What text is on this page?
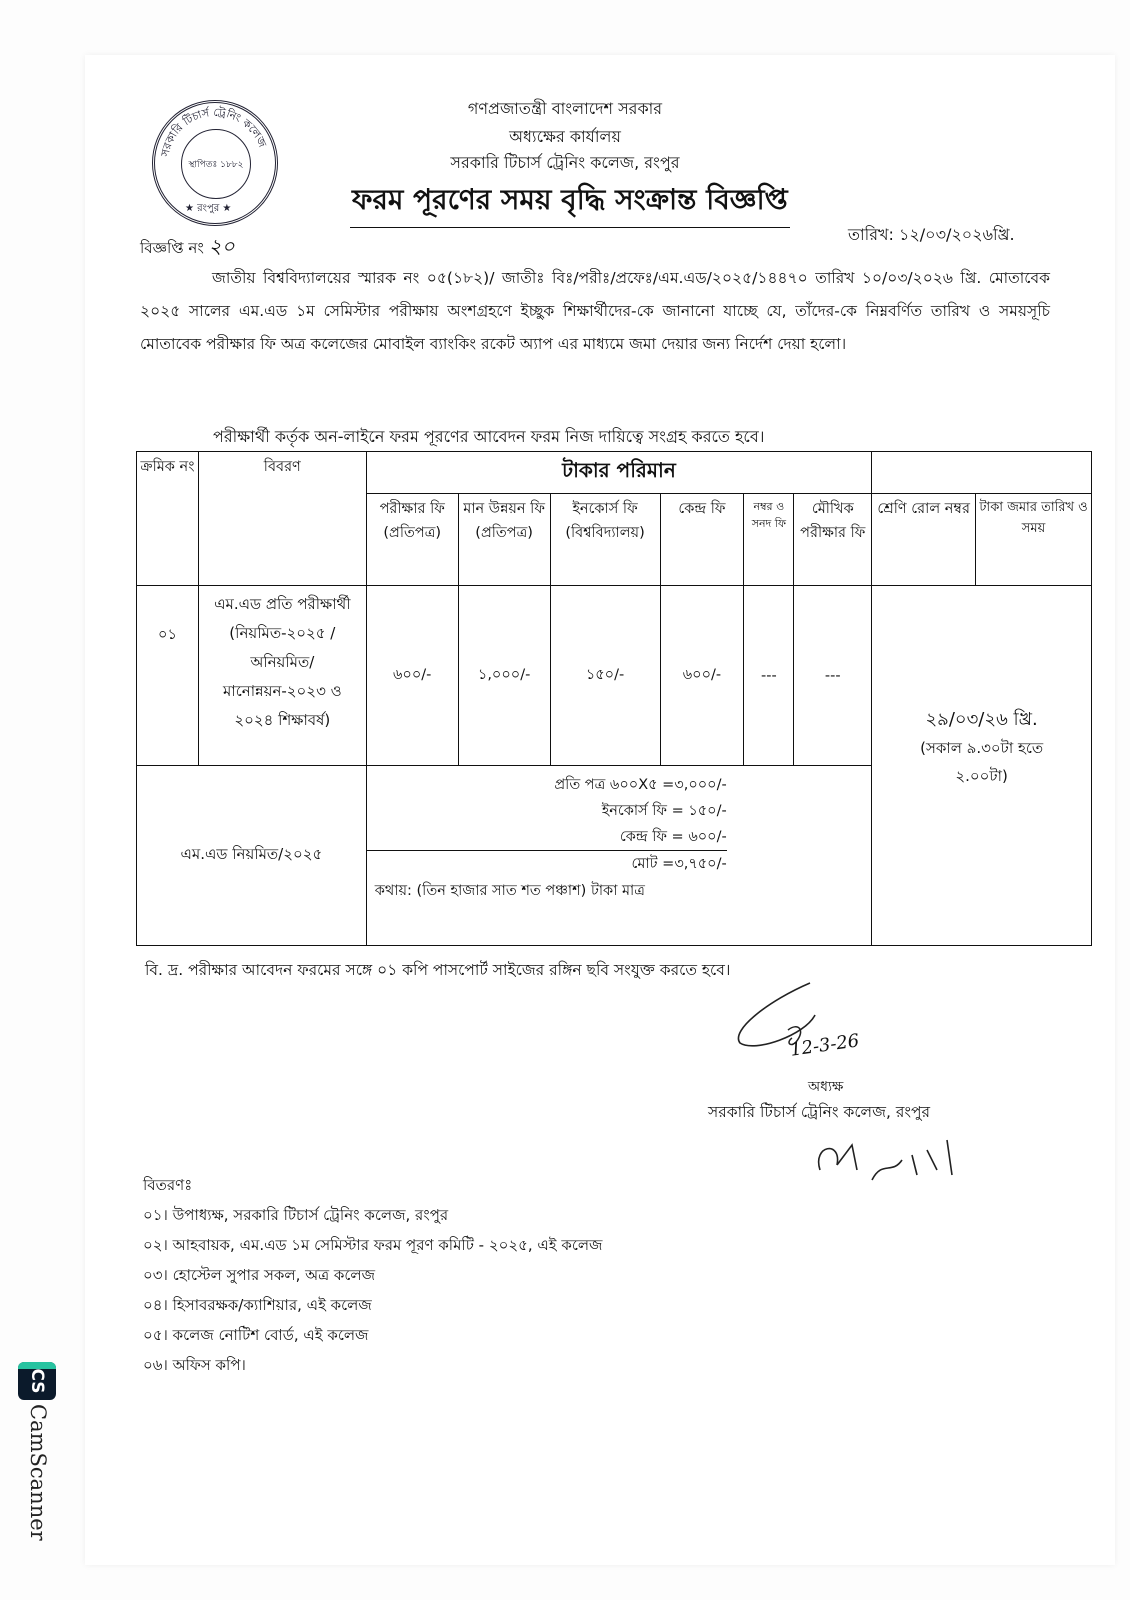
সরকারি টিচার্স ট্রেনিং কলেজ
স্থাপিতঃ ১৮৮২
★ রংপুর ★
গণপ্রজাতন্ত্রী বাংলাদেশ সরকার
অধ্যক্ষের কার্যালয়
সরকারি টিচার্স ট্রেনিং কলেজ, রংপুর
ফরম পূরণের সময় বৃদ্ধি সংক্রান্ত বিজ্ঞপ্তি
বিজ্ঞপ্তি নং ২০	তারিখ: ১২/০৩/২০২৬খ্রি.
জাতীয় বিশ্ববিদ্যালয়ের স্মারক নং ০৫(১৮২)/ জাতীঃ বিঃ/পরীঃ/প্রফেঃ/এম.এড/২০২৫/১৪৪৭০ তারিখ ১০/০৩/২০২৬ খ্রি. মোতাবেক ২০২৫ সালের এম.এড ১ম সেমিস্টার পরীক্ষায় অংশগ্রহণে ইচ্ছুক শিক্ষার্থীদের-কে জানানো যাচ্ছে যে, তাঁদের-কে নিম্নবর্ণিত তারিখ ও সময়সূচি মোতাবেক পরীক্ষার ফি অত্র কলেজের মোবাইল ব্যাংকিং রকেট অ্যাপ এর মাধ্যমে জমা দেয়ার জন্য নির্দেশ দেয়া হলো।
পরীক্ষার্থী কর্তৃক অন-লাইনে ফরম পূরণের আবেদন ফরম নিজ দায়িত্বে সংগ্রহ করতে হবে।
ক্রমিক নং	বিবরণ	টাকার পরিমান							
		পরীক্ষার ফি (প্রতিপত্র)	মান উন্নয়ন ফি (প্রতিপত্র)	ইনকোর্স ফি (বিশ্ববিদ্যালয়)	কেন্দ্র ফি	নম্বর ও সনদ ফি	মৌখিক পরীক্ষার ফি	শ্রেণি রোল নম্বর	টাকা জমার তারিখ ও সময়
০১	এম.এড প্রতি পরীক্ষার্থী (নিয়মিত-২০২৫ /অনিয়মিত/ মানোন্নয়ন-২০২৩ ও ২০২৪ শিক্ষাবর্ষ)	৬০০/-	১,০০০/-	১৫০/-	৬০০/-	---	---	২৯/০৩/২৬ খ্রি.
(সকাল ৯.৩০টা হতে ২.০০টা)	

এম.এড নিয়মিত/২০২৫		প্রতি পত্র ৬০০X৫ =৩,০০০/-
ইনকোর্স ফি = ১৫০/-
কেন্দ্র ফি = ৬০০/-
মোট =৩,৭৫০/-
কথায়: (তিন হাজার সাত শত পঞ্চাশ) টাকা মাত্র							
বি. দ্র. পরীক্ষার আবেদন ফরমের সঙ্গে ০১ কপি পাসপোর্ট সাইজের রঙ্গিন ছবি সংযুক্ত করতে হবে।
12-3-26
অধ্যক্ষ
সরকারি টিচার্স ট্রেনিং কলেজ, রংপুর
বিতরণঃ
০১। উপাধ্যক্ষ, সরকারি টিচার্স ট্রেনিং কলেজ, রংপুর
০২। আহবায়ক, এম.এড ১ম সেমিস্টার ফরম পূরণ কমিটি - ২০২৫, এই কলেজ
০৩। হোস্টেল সুপার সকল, অত্র কলেজ
০৪। হিসাবরক্ষক/ক্যাশিয়ার, এই কলেজ
০৫। কলেজ নোটিশ বোর্ড, এই কলেজ
০৬। অফিস কপি।
CS
CamScanner
